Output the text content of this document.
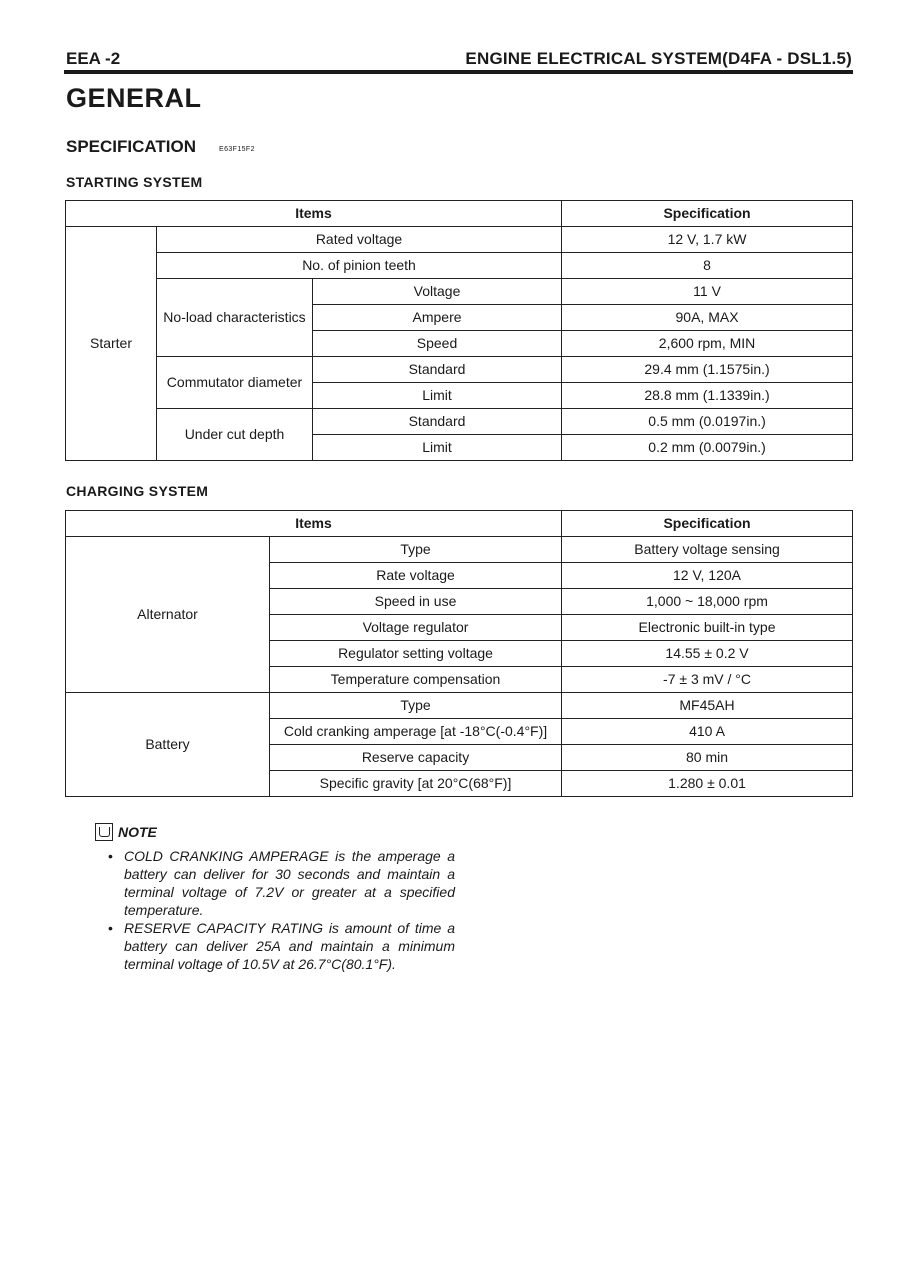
EEA -2	ENGINE ELECTRICAL SYSTEM(D4FA - DSL1.5)
GENERAL
SPECIFICATION	E63F15F2
STARTING SYSTEM
Items			Specification
Starter	Rated voltage		12 V, 1.7 kW
	No. of pinion teeth		8
	No-load characteristics	Voltage	11 V
		Ampere	90A, MAX
		Speed	2,600 rpm, MIN
	Commutator diameter	Standard	29.4 mm (1.1575in.)
		Limit	28.8 mm (1.1339in.)
	Under cut depth	Standard	0.5 mm (0.0197in.)
		Limit	0.2 mm (0.0079in.)
CHARGING SYSTEM
Items		Specification
Alternator	Type	Battery voltage sensing
	Rate voltage	12 V, 120A
	Speed in use	1,000 ~ 18,000 rpm
	Voltage regulator	Electronic built-in type
	Regulator setting voltage	14.55 ± 0.2 V
	Temperature compensation	-7 ± 3 mV / °C
Battery	Type	MF45AH
	Cold cranking amperage [at -18°C(-0.4°F)]	410 A
	Reserve capacity	80 min
	Specific gravity [at 20°C(68°F)]	1.280 ± 0.01
NOTE
• COLD CRANKING AMPERAGE is the amperage a battery can deliver for 30 seconds and maintain a terminal voltage of 7.2V or greater at a specified temperature.
• RESERVE CAPACITY RATING is amount of time a battery can deliver 25A and maintain a minimum terminal voltage of 10.5V at 26.7°C(80.1°F).
